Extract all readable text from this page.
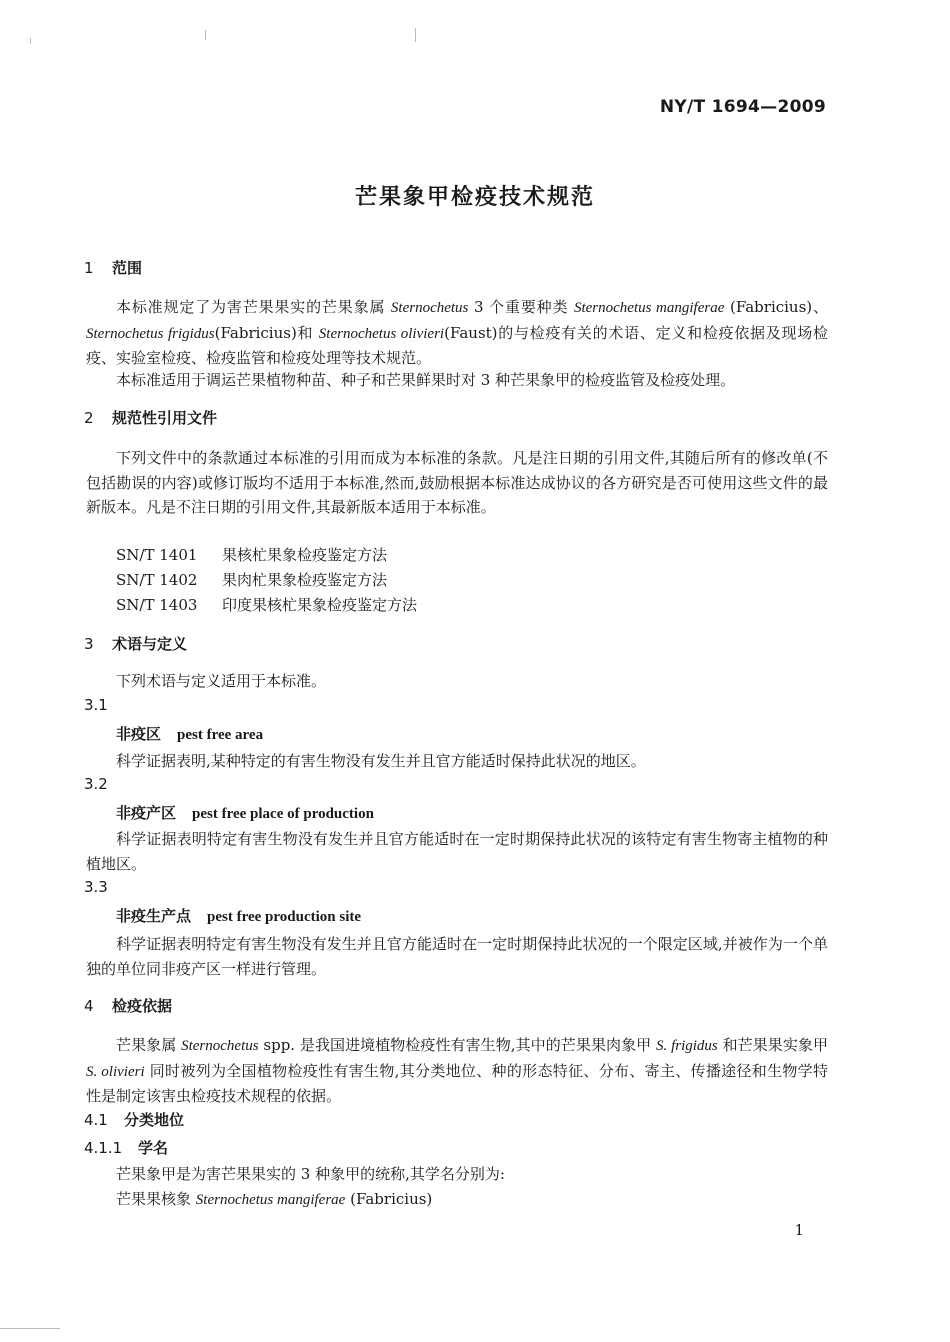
NY/T 1694—2009
芒果象甲检疫技术规范
1 范围

本标准规定了为害芒果果实的芒果象属 Sternochetus 3 个重要种类 Sternochetus mangiferae (Fabricius)、Sternochetus frigidus(Fabricius)和 Sternochetus olivieri(Faust)的与检疫有关的术语、定义和检疫依据及现场检疫、实验室检疫、检疫监管和检疫处理等技术规范。

本标准适用于调运芒果植物种苗、种子和芒果鲜果时对 3 种芒果象甲的检疫监管及检疫处理。

2 规范性引用文件

下列文件中的条款通过本标准的引用而成为本标准的条款。凡是注日期的引用文件,其随后所有的修改单(不包括勘误的内容)或修订版均不适用于本标准,然而,鼓励根据本标准达成协议的各方研究是否可使用这些文件的最新版本。凡是不注日期的引用文件,其最新版本适用于本标准。

SN/T 1401 果核杧果象检疫鉴定方法
SN/T 1402 果肉杧果象检疫鉴定方法
SN/T 1403 印度果核杧果象检疫鉴定方法
3 术语与定义
下列术语与定义适用于本标准。
3.1
非疫区 pest free area

科学证据表明,某种特定的有害生物没有发生并且官方能适时保持此状况的地区。

3.2
非疫产区 pest free place of production

科学证据表明特定有害生物没有发生并且官方能适时在一定时期保持此状况的该特定有害生物寄主植物的种植地区。

3.3
非疫生产点 pest free production site

科学证据表明特定有害生物没有发生并且官方能适时在一定时期保持此状况的一个限定区域,并被作为一个单独的单位同非疫产区一样进行管理。

4 检疫依据

芒果象属 Sternochetus spp. 是我国进境植物检疫性有害生物,其中的芒果果肉象甲 S. frigidus 和芒果果实象甲 S. olivieri 同时被列为全国植物检疫性有害生物,其分类地位、种的形态特征、分布、寄主、传播途径和生物学特性是制定该害虫检疫技术规程的依据。

4.1 分类地位
4.1.1 学名
芒果象甲是为害芒果果实的 3 种象甲的统称,其学名分别为:
芒果果核象 Sternochetus mangiferae (Fabricius)
1
